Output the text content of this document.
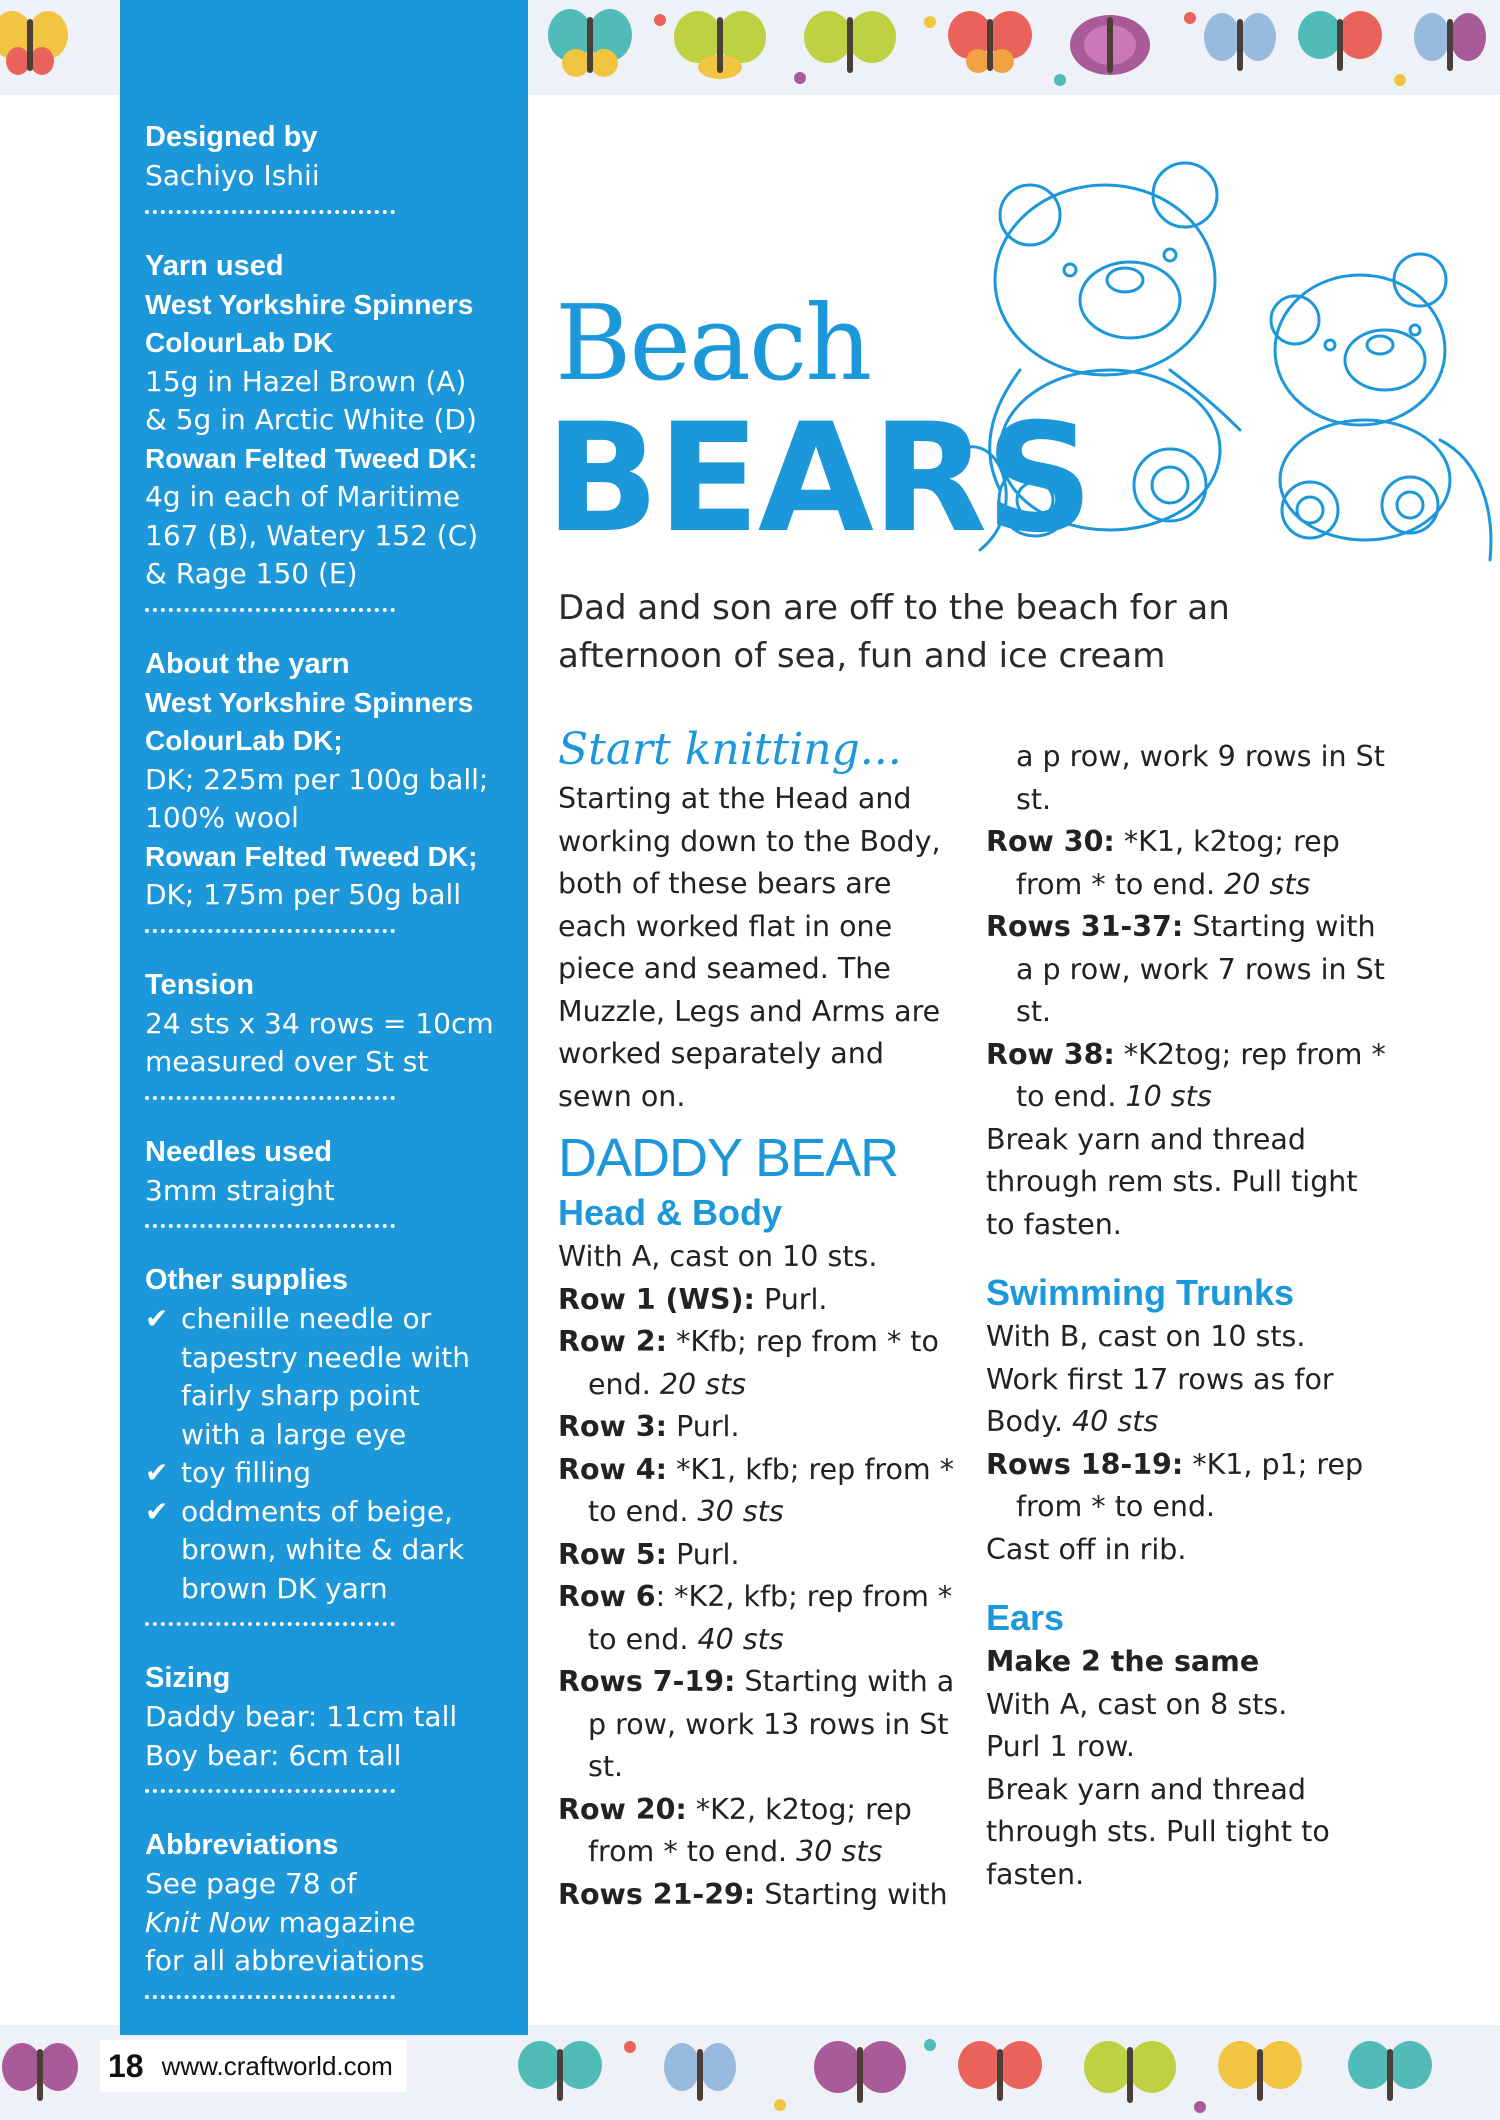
Designed by
Sachiyo Ishii
Yarn used
West Yorkshire Spinners
ColourLab DK
15g in Hazel Brown (A)
& 5g in Arctic White (D)
Rowan Felted Tweed DK:
4g in each of Maritime
167 (B), Watery 152 (C)
& Rage 150 (E)
About the yarn
West Yorkshire Spinners
ColourLab DK;
DK; 225m per 100g ball;
100% wool
Rowan Felted Tweed DK;
DK; 175m per 50g ball
Tension
24 sts x 34 rows = 10cm
measured over St st
Needles used
3mm straight
Other supplies
✔ chenille needle or
tapestry needle with
fairly sharp point
with a large eye
✔ toy filling
✔ oddments of beige,
brown, white & dark
brown DK yarn
Sizing
Daddy bear: 11cm tall
Boy bear: 6cm tall
Abbreviations
See page 78 of
Knit Now magazine
for all abbreviations
Beach
BEARS
Dad and son are off to the beach for an afternoon of sea, fun and ice cream
Start knitting...

Starting at the Head and working down to the Body, both of these bears are each worked flat in one piece and seamed. The Muzzle, Legs and Arms are worked separately and sewn on.

DADDY BEAR
Head & Body

With A, cast on 10 sts.

Row 1 (WS): Purl.

Row 2: *Kfb; rep from * to end. 20 sts

Row 3: Purl.

Row 4: *K1, kfb; rep from * to end. 30 sts

Row 5: Purl.

Row 6: *K2, kfb; rep from * to end. 40 sts

Rows 7-19: Starting with a p row, work 13 rows in St st.

Row 20: *K2, k2tog; rep from * to end. 30 sts

Rows 21-29: Starting with

a p row, work 9 rows in St st.

Row 30: *K1, k2tog; rep from * to end. 20 sts

Rows 31-37: Starting with a p row, work 7 rows in St st.

Row 38: *K2tog; rep from * to end. 10 sts

Break yarn and thread through rem sts. Pull tight to fasten.

Swimming Trunks

With B, cast on 10 sts.

Work first 17 rows as for Body. 40 sts

Rows 18-19: *K1, p1; rep from * to end.

Cast off in rib.

Ears

Make 2 the same

With A, cast on 8 sts.

Purl 1 row.

Break yarn and thread through sts. Pull tight to fasten.

18 www.craftworld.com
